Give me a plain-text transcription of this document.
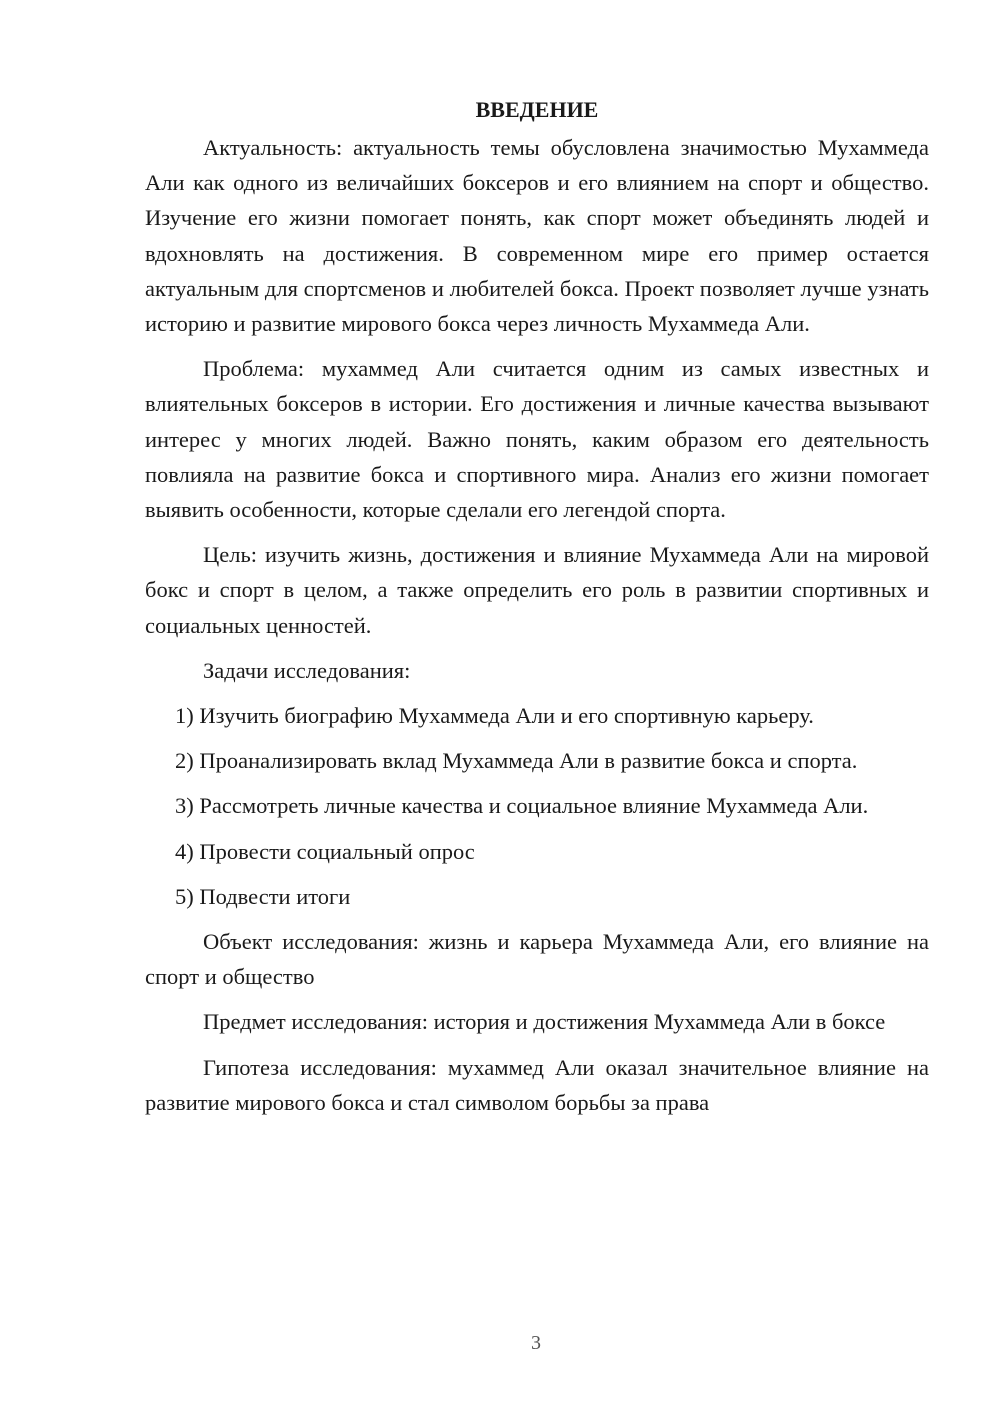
ВВЕДЕНИЕ

Актуальность: актуальность темы обусловлена значимостью Мухаммеда Али как одного из величайших боксеров и его влиянием на спорт и общество. Изучение его жизни помогает понять, как спорт может объединять людей и вдохновлять на достижения. В современном мире его пример остается актуальным для спортсменов и любителей бокса. Проект позволяет лучше узнать историю и развитие мирового бокса через личность Мухаммеда Али.

Проблема: мухаммед Али считается одним из самых известных и влиятельных боксеров в истории. Его достижения и личные качества вызывают интерес у многих людей. Важно понять, каким образом его деятельность повлияла на развитие бокса и спортивного мира. Анализ его жизни помогает выявить особенности, которые сделали его легендой спорта.

Цель: изучить жизнь, достижения и влияние Мухаммеда Али на мировой бокс и спорт в целом, а также определить его роль в развитии спортивных и социальных ценностей.

Задачи исследования:

1) Изучить биографию Мухаммеда Али и его спортивную карьеру.

2) Проанализировать вклад Мухаммеда Али в развитие бокса и спорта.

3) Рассмотреть личные качества и социальное влияние Мухаммеда Али.

4) Провести социальный опрос

5) Подвести итоги

Объект исследования: жизнь и карьера Мухаммеда Али, его влияние на спорт и общество

Предмет исследования: история и достижения Мухаммеда Али в боксе

Гипотеза исследования: мухаммед Али оказал значительное влияние на развитие мирового бокса и стал символом борьбы за права

3
